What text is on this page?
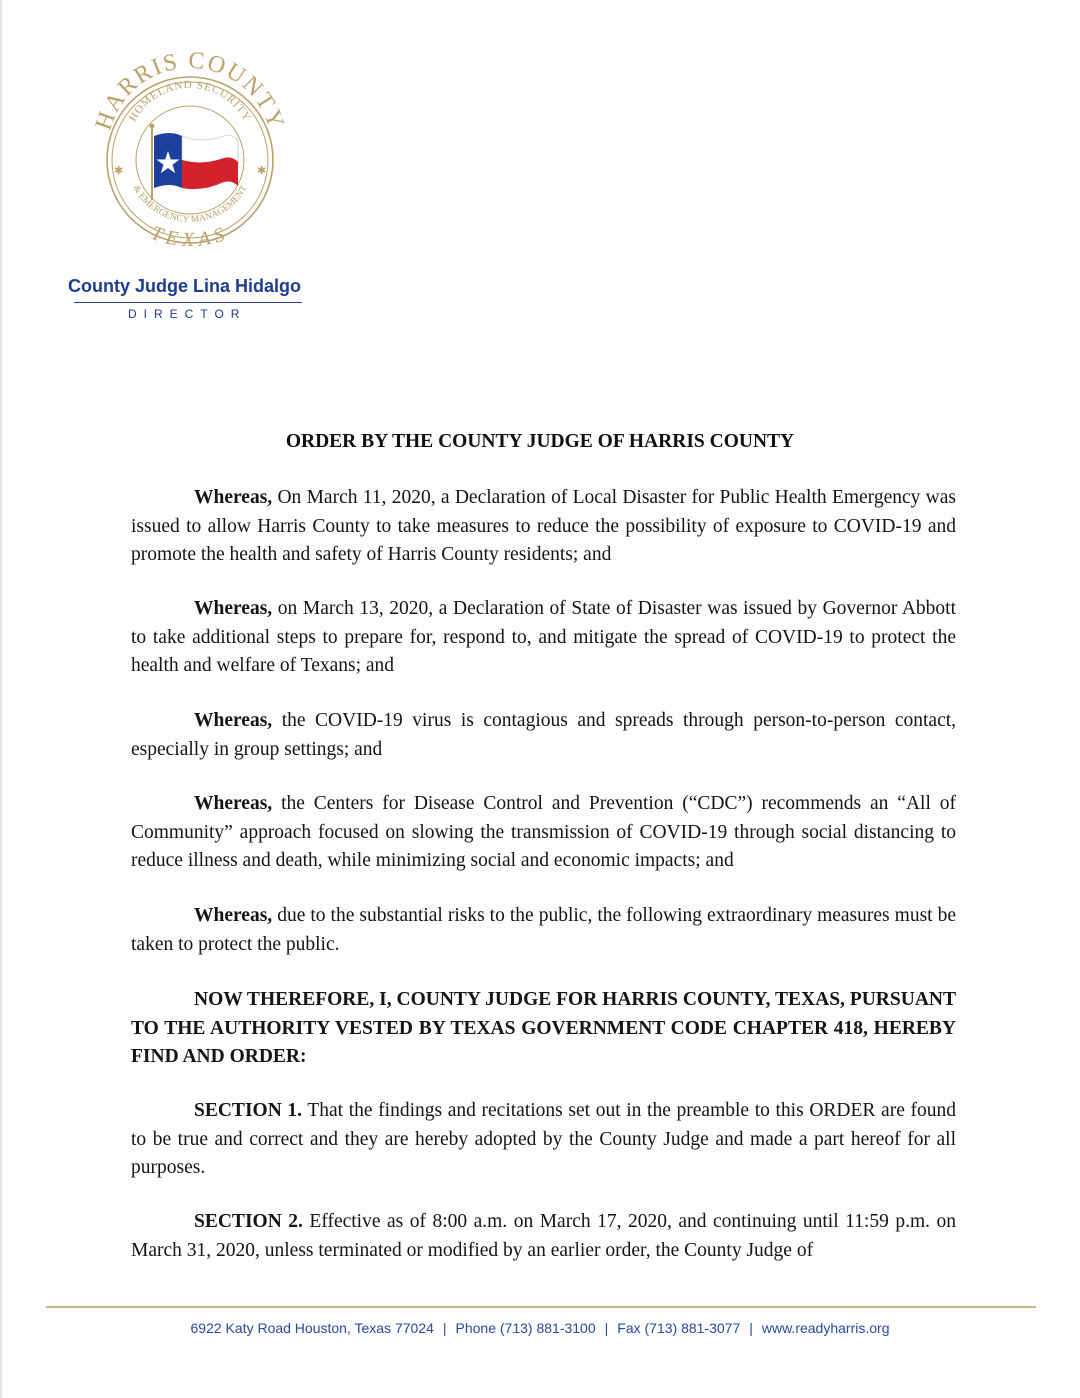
HARRIS COUNTY
HOMELAND SECURITY
& EMERGENCY MANAGEMENT
TEXAS
✱	✱
County Judge Lina Hidalgo
DIRECTOR
ORDER BY THE COUNTY JUDGE OF HARRIS COUNTY

Whereas, On March 11, 2020, a Declaration of Local Disaster for Public Health Emergency was issued to allow Harris County to take measures to reduce the possibility of exposure to COVID-19 and promote the health and safety of Harris County residents; and

Whereas, on March 13, 2020, a Declaration of State of Disaster was issued by Governor Abbott to take additional steps to prepare for, respond to, and mitigate the spread of COVID-19 to protect the health and welfare of Texans; and

Whereas, the COVID-19 virus is contagious and spreads through person-to-person contact, especially in group settings; and

Whereas, the Centers for Disease Control and Prevention (“CDC”) recommends an “All of Community” approach focused on slowing the transmission of COVID-19 through social distancing to reduce illness and death, while minimizing social and economic impacts; and

Whereas, due to the substantial risks to the public, the following extraordinary measures must be taken to protect the public.

NOW THEREFORE, I, COUNTY JUDGE FOR HARRIS COUNTY, TEXAS, PURSUANT TO THE AUTHORITY VESTED BY TEXAS GOVERNMENT CODE CHAPTER 418, HEREBY FIND AND ORDER:

SECTION 1. That the findings and recitations set out in the preamble to this ORDER are found to be true and correct and they are hereby adopted by the County Judge and made a part hereof for all purposes.

SECTION 2. Effective as of 8:00 a.m. on March 17, 2020, and continuing until 11:59 p.m. on March 31, 2020, unless terminated or modified by an earlier order, the County Judge of

6922 Katy Road Houston, Texas 77024 | Phone (713) 881-3100 | Fax (713) 881-3077 | www.readyharris.org
